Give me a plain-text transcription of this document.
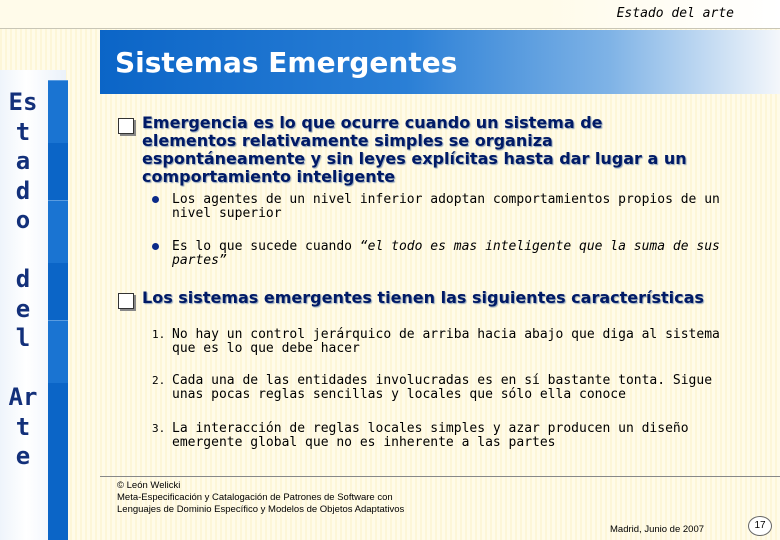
Estado del arte
Sistemas Emergentes
Es
t
a
d
o

d
e
l

Ar
t
e
Emergencia es lo que ocurre cuando un sistema de elementos relativamente simples se organiza espontáneamente y sin leyes explícitas hasta dar lugar a un comportamiento inteligente
Los agentes de un nivel inferior adoptan comportamientos propios de un nivel superior
Es lo que sucede cuando “el todo es mas inteligente que la suma de sus partes”
Los sistemas emergentes tienen las siguientes características
1. No hay un control jerárquico de arriba hacia abajo que diga al sistema que es lo que debe hacer
2. Cada una de las entidades involucradas es en sí bastante tonta. Sigue unas pocas reglas sencillas y locales que sólo ella conoce
3. La interacción de reglas locales simples y azar producen un diseño emergente global que no es inherente a las partes
© León Welicki
Meta-Especificación y Catalogación de Patrones de Software con
Lenguajes de Dominio Específico y Modelos de Objetos Adaptativos
Madrid, Junio de 2007	17
